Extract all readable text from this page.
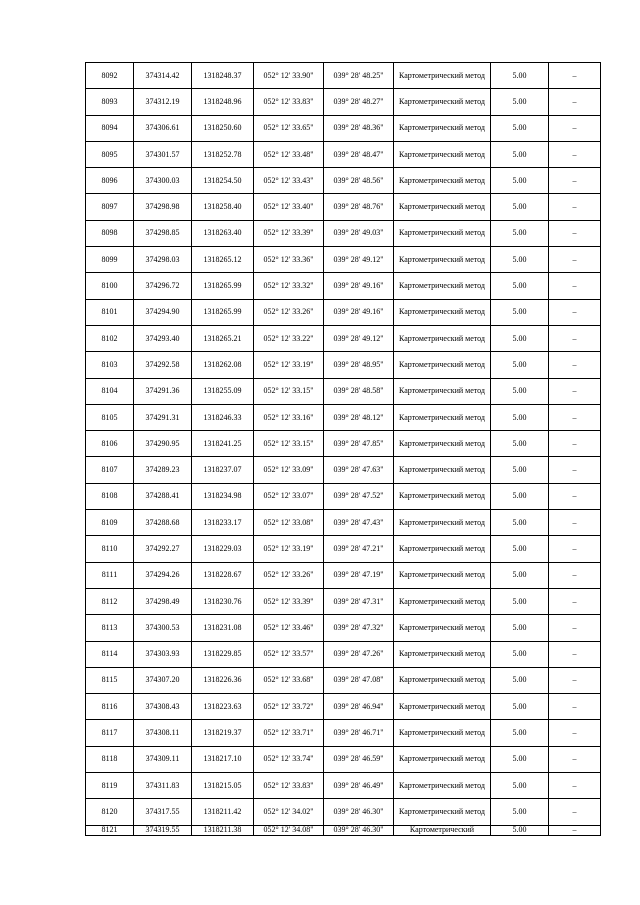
8092	374314.42	1318248.37	052° 12' 33.90"	039° 28' 48.25"	Картометрический метод	5.00	–
8093	374312.19	1318248.96	052° 12' 33.83"	039° 28' 48.27"	Картометрический метод	5.00	–
8094	374306.61	1318250.60	052° 12' 33.65"	039° 28' 48.36"	Картометрический метод	5.00	–
8095	374301.57	1318252.78	052° 12' 33.48"	039° 28' 48.47"	Картометрический метод	5.00	–
8096	374300.03	1318254.50	052° 12' 33.43"	039° 28' 48.56"	Картометрический метод	5.00	–
8097	374298.98	1318258.40	052° 12' 33.40"	039° 28' 48.76"	Картометрический метод	5.00	–
8098	374298.85	1318263.40	052° 12' 33.39"	039° 28' 49.03"	Картометрический метод	5.00	–
8099	374298.03	1318265.12	052° 12' 33.36"	039° 28' 49.12"	Картометрический метод	5.00	–
8100	374296.72	1318265.99	052° 12' 33.32"	039° 28' 49.16"	Картометрический метод	5.00	–
8101	374294.90	1318265.99	052° 12' 33.26"	039° 28' 49.16"	Картометрический метод	5.00	–
8102	374293.40	1318265.21	052° 12' 33.22"	039° 28' 49.12"	Картометрический метод	5.00	–
8103	374292.58	1318262.08	052° 12' 33.19"	039° 28' 48.95"	Картометрический метод	5.00	–
8104	374291.36	1318255.09	052° 12' 33.15"	039° 28' 48.58"	Картометрический метод	5.00	–
8105	374291.31	1318246.33	052° 12' 33.16"	039° 28' 48.12"	Картометрический метод	5.00	–
8106	374290.95	1318241.25	052° 12' 33.15"	039° 28' 47.85"	Картометрический метод	5.00	–
8107	374289.23	1318237.07	052° 12' 33.09"	039° 28' 47.63"	Картометрический метод	5.00	–
8108	374288.41	1318234.98	052° 12' 33.07"	039° 28' 47.52"	Картометрический метод	5.00	–
8109	374288.68	1318233.17	052° 12' 33.08"	039° 28' 47.43"	Картометрический метод	5.00	–
8110	374292.27	1318229.03	052° 12' 33.19"	039° 28' 47.21"	Картометрический метод	5.00	–
8111	374294.26	1318228.67	052° 12' 33.26"	039° 28' 47.19"	Картометрический метод	5.00	–
8112	374298.49	1318230.76	052° 12' 33.39"	039° 28' 47.31"	Картометрический метод	5.00	–
8113	374300.53	1318231.08	052° 12' 33.46"	039° 28' 47.32"	Картометрический метод	5.00	–
8114	374303.93	1318229.85	052° 12' 33.57"	039° 28' 47.26"	Картометрический метод	5.00	–
8115	374307.20	1318226.36	052° 12' 33.68"	039° 28' 47.08"	Картометрический метод	5.00	–
8116	374308.43	1318223.63	052° 12' 33.72"	039° 28' 46.94"	Картометрический метод	5.00	–
8117	374308.11	1318219.37	052° 12' 33.71"	039° 28' 46.71"	Картометрический метод	5.00	–
8118	374309.11	1318217.10	052° 12' 33.74"	039° 28' 46.59"	Картометрический метод	5.00	–
8119	374311.83	1318215.05	052° 12' 33.83"	039° 28' 46.49"	Картометрический метод	5.00	–
8120	374317.55	1318211.42	052° 12' 34.02"	039° 28' 46.30"	Картометрический метод	5.00	–
8121	374319.55	1318211.38	052° 12' 34.08"	039° 28' 46.30"	Картометрический	5.00	–
